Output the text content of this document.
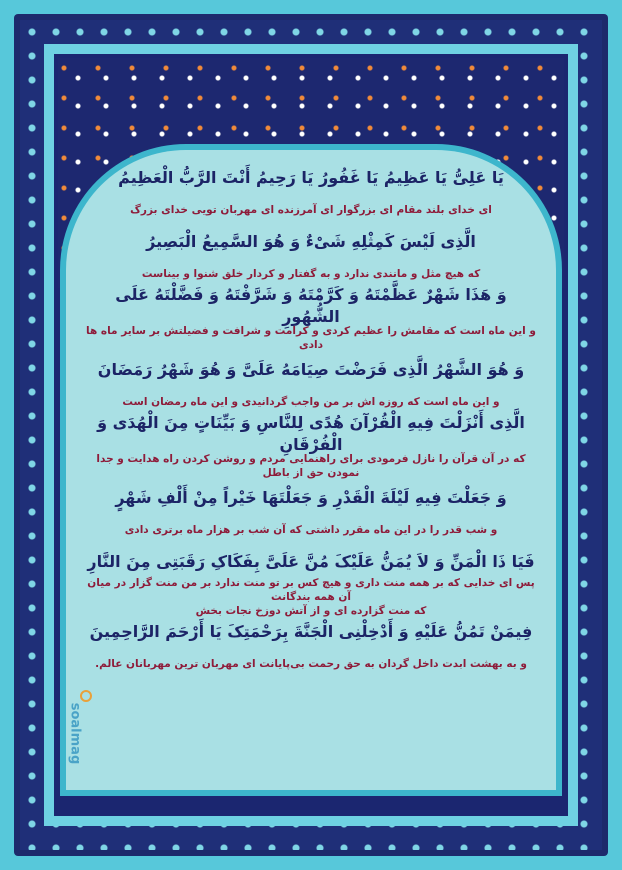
یَا عَلِیُّ یَا عَظِیمُ یَا غَفُورُ یَا رَحِیمُ أَنْتَ الرَّبُّ الْعَظِیمُ

ای خدای بلند مقام ای بزرگوار ای آمرزنده ای مهربان تویی خدای بزرگ

الَّذِی لَیْسَ کَمِثْلِهِ شَیْ‏ءٌ وَ هُوَ السَّمِیعُ الْبَصِیرُ

که هیچ مثل و مانندی ندارد و به گفتار و کردار خلق شنوا و بیناست

وَ هَذَا شَهْرٌ عَظَّمْتَهُ وَ کَرَّمْتَهُ وَ شَرَّفْتَهُ وَ فَضَّلْتَهُ عَلَى الشُّهُورِ

و این ماه است که مقامش را عظیم کردی و کرامت و شرافت و فضیلتش بر سایر ماه ها دادی

وَ هُوَ الشَّهْرُ الَّذِی فَرَضْتَ صِیَامَهُ عَلَیَّ وَ هُوَ شَهْرُ رَمَضَانَ

و این ماه است که روزه اش بر من واجب گردانیدی و این ماه رمضان است

الَّذِی أَنْزَلْتَ فِیهِ الْقُرْآنَ هُدًى لِلنَّاسِ وَ بَیِّنَاتٍ مِنَ الْهُدَى وَ الْفُرْقَانِ

که در آن قرآن را نازل فرمودی برای راهنمایی مردم و روشن کردن راه هدایت و جدا نمودن حق از باطل

وَ جَعَلْتَ فِیهِ لَیْلَةَ الْقَدْرِ وَ جَعَلْتَهَا خَیْراً مِنْ أَلْفِ شَهْرٍ

و شب قدر را در این ماه مقرر داشتی که آن شب بر هزار ماه برتری دادی

فَیَا ذَا الْمَنِّ وَ لاَ یُمَنُّ عَلَیْکَ مُنَّ عَلَیَّ بِفَکَاکِ رَقَبَتِی مِنَ النَّارِ

پس ای خدایی که بر همه منت داری و هیچ کس بر تو منت ندارد بر من منت گزار در میان آن همه بندگانت

که منت گزارده ای و از آتش دوزخ نجات بخش

فِیمَنْ تَمُنُّ عَلَیْهِ وَ أَدْخِلْنِی الْجَنَّةَ بِرَحْمَتِکَ یَا أَرْحَمَ الرَّاحِمِینَ

و به بهشت ابدت داخل گردان به حق رحمت بی‌پایانت ای مهربان ترین مهربانان عالم.

soalmag
